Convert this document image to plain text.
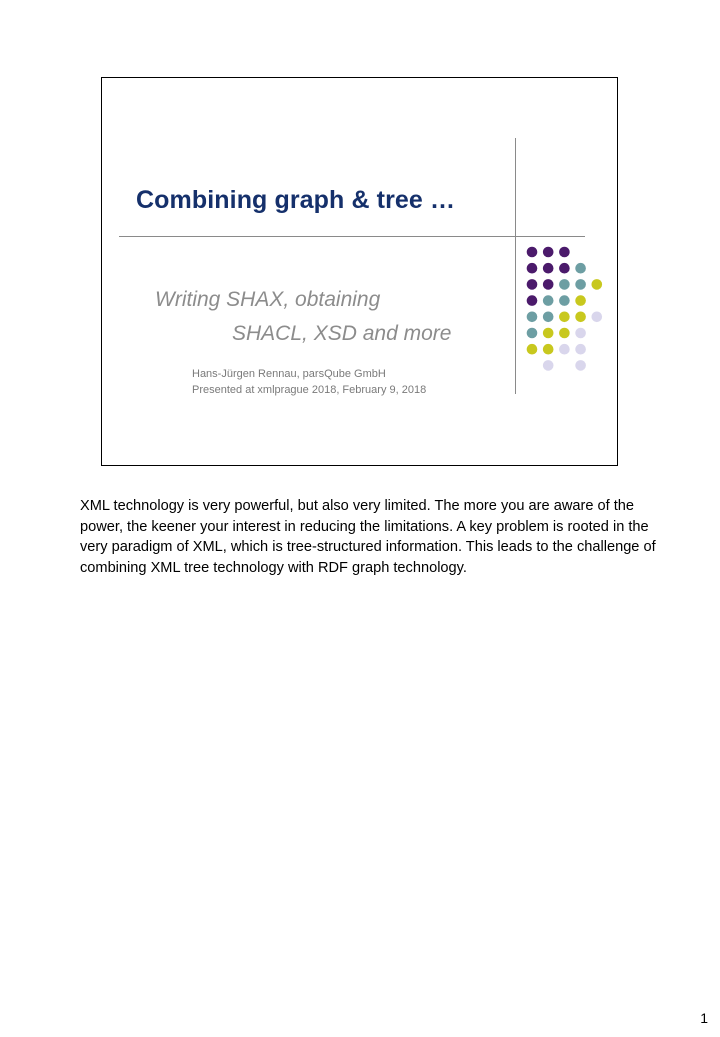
Combining graph & tree …
Writing SHAX, obtaining
SHACL, XSD and more
Hans-Jürgen Rennau, parsQube GmbH
Presented at xmlprague 2018, February 9, 2018

XML technology is very powerful, but also very limited. The more you are aware of the power, the keener your interest in reducing the limitations. A key problem is rooted in the very paradigm of XML, which is tree-structured information. This leads to the challenge of combining XML tree technology with RDF graph technology.

1
